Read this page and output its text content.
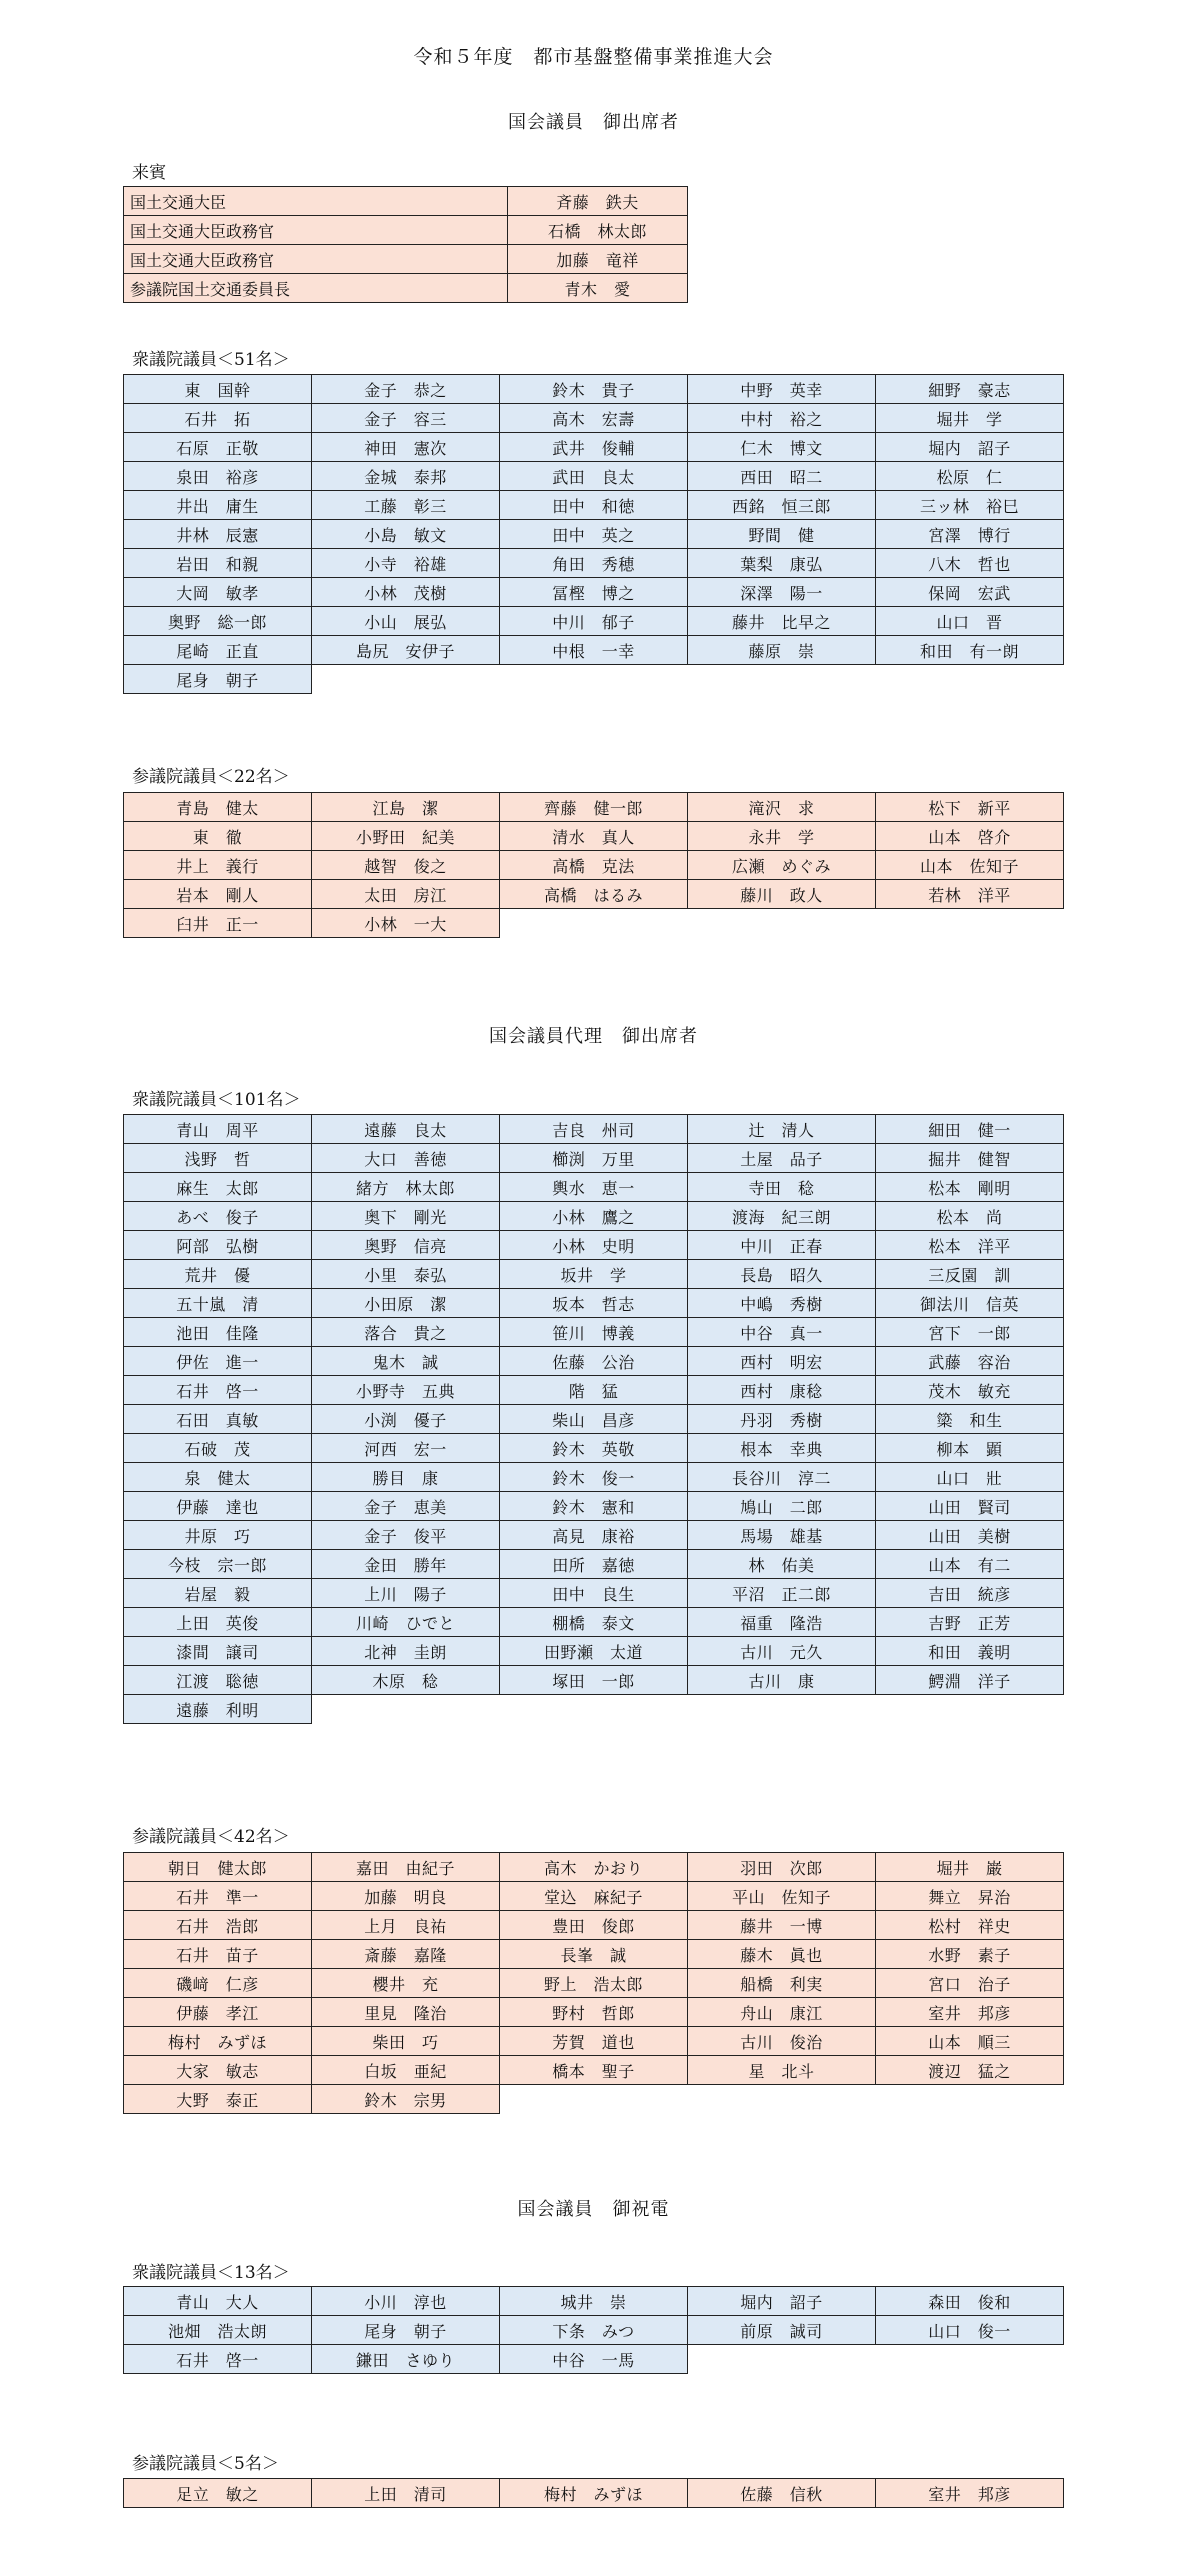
令和５年度　都市基盤整備事業推進大会
国会議員　御出席者
来賓
国土交通大臣	斉藤　鉄夫
国土交通大臣政務官	石橋　林太郎
国土交通大臣政務官	加藤　竜祥
参議院国土交通委員長	青木　愛
衆議院議員＜51名＞
東　国幹	金子　恭之	鈴木　貴子	中野　英幸	細野　豪志
石井　拓	金子　容三	高木　宏壽	中村　裕之	堀井　学
石原　正敬	神田　憲次	武井　俊輔	仁木　博文	堀内　詔子
泉田　裕彦	金城　泰邦	武田　良太	西田　昭二	松原　仁
井出　庸生	工藤　彰三	田中　和徳	西銘　恒三郎	三ッ林　裕巳
井林　辰憲	小島　敏文	田中　英之	野間　健	宮澤　博行
岩田　和親	小寺　裕雄	角田　秀穂	葉梨　康弘	八木　哲也
大岡　敏孝	小林　茂樹	冨樫　博之	深澤　陽一	保岡　宏武
奥野　総一郎	小山　展弘	中川　郁子	藤井　比早之	山口　晋
尾崎　正直	島尻　安伊子	中根　一幸	藤原　崇	和田　有一朗
尾身　朝子				
参議院議員＜22名＞
青島　健太	江島　潔	齊藤　健一郎	滝沢　求	松下　新平
東　徹	小野田　紀美	清水　真人	永井　学	山本　啓介
井上　義行	越智　俊之	高橋　克法	広瀬　めぐみ	山本　佐知子
岩本　剛人	太田　房江	高橋　はるみ	藤川　政人	若林　洋平
臼井　正一	小林　一大			
国会議員代理　御出席者
衆議院議員＜101名＞
青山　周平	遠藤　良太	吉良　州司	辻　清人	細田　健一
浅野　哲	大口　善徳	櫛渕　万里	土屋　品子	掘井　健智
麻生　太郎	緒方　林太郎	輿水　恵一	寺田　稔	松本　剛明
あべ　俊子	奥下　剛光	小林　鷹之	渡海　紀三朗	松本　尚
阿部　弘樹	奥野　信亮	小林　史明	中川　正春	松本　洋平
荒井　優	小里　泰弘	坂井　学	長島　昭久	三反園　訓
五十嵐　清	小田原　潔	坂本　哲志	中嶋　秀樹	御法川　信英
池田　佳隆	落合　貴之	笹川　博義	中谷　真一	宮下　一郎
伊佐　進一	鬼木　誠	佐藤　公治	西村　明宏	武藤　容治
石井　啓一	小野寺　五典	階　猛	西村　康稔	茂木　敏充
石田　真敏	小渕　優子	柴山　昌彦	丹羽　秀樹	簗　和生
石破　茂	河西　宏一	鈴木　英敬	根本　幸典	柳本　顕
泉　健太	勝目　康	鈴木　俊一	長谷川　淳二	山口　壯
伊藤　達也	金子　恵美	鈴木　憲和	鳩山　二郎	山田　賢司
井原　巧	金子　俊平	高見　康裕	馬場　雄基	山田　美樹
今枝　宗一郎	金田　勝年	田所　嘉徳	林　佑美	山本　有二
岩屋　毅	上川　陽子	田中　良生	平沼　正二郎	吉田　統彦
上田　英俊	川崎　ひでと	棚橋　泰文	福重　隆浩	吉野　正芳
漆間　譲司	北神　圭朗	田野瀬　太道	古川　元久	和田　義明
江渡　聡徳	木原　稔	塚田　一郎	古川　康	鰐淵　洋子
遠藤　利明				
参議院議員＜42名＞
朝日　健太郎	嘉田　由紀子	高木　かおり	羽田　次郎	堀井　巌
石井　準一	加藤　明良	堂込　麻紀子	平山　佐知子	舞立　昇治
石井　浩郎	上月　良祐	豊田　俊郎	藤井　一博	松村　祥史
石井　苗子	斎藤　嘉隆	長峯　誠	藤木　眞也	水野　素子
磯﨑　仁彦	櫻井　充	野上　浩太郎	船橋　利実	宮口　治子
伊藤　孝江	里見　隆治	野村　哲郎	舟山　康江	室井　邦彦
梅村　みずほ	柴田　巧	芳賀　道也	古川　俊治	山本　順三
大家　敏志	白坂　亜紀	橋本　聖子	星　北斗	渡辺　猛之
大野　泰正	鈴木　宗男			
国会議員　御祝電
衆議院議員＜13名＞
青山　大人	小川　淳也	城井　崇	堀内　詔子	森田　俊和
池畑　浩太朗	尾身　朝子	下条　みつ	前原　誠司	山口　俊一
石井　啓一	鎌田　さゆり	中谷　一馬		
参議院議員＜5名＞
足立　敏之	上田　清司	梅村　みずほ	佐藤　信秋	室井　邦彦
